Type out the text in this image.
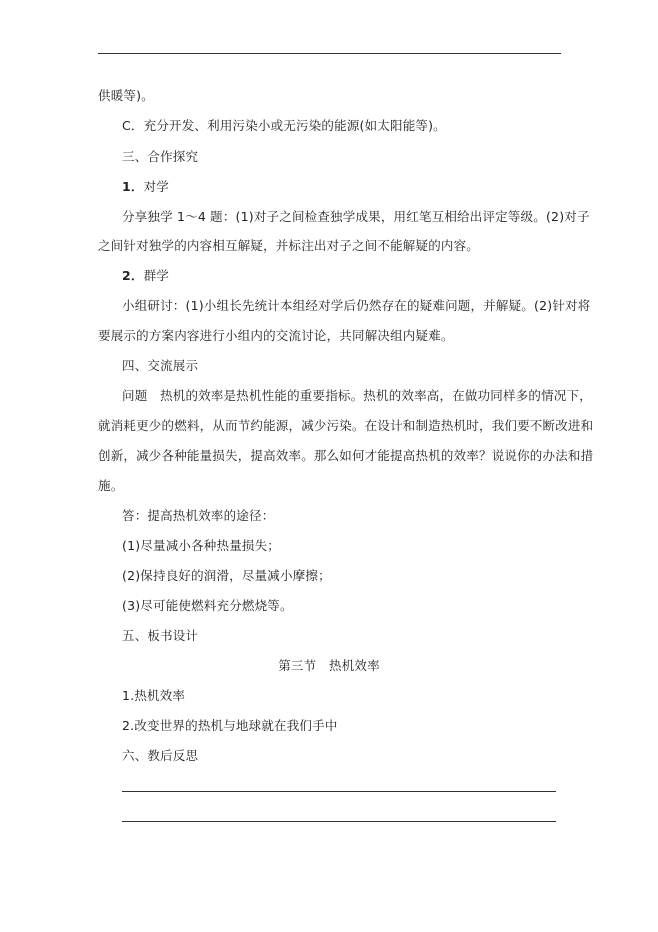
供暖等)。
C．充分开发、利用污染小或无污染的能源(如太阳能等)。
三、合作探究
1．对学
分享独学 1～4 题：(1)对子之间检查独学成果，用红笔互相给出评定等级。(2)对子
之间针对独学的内容相互解疑，并标注出对子之间不能解疑的内容。
2．群学
小组研讨：(1)小组长先统计本组经对学后仍然存在的疑难问题，并解疑。(2)针对将
要展示的方案内容进行小组内的交流讨论，共同解决组内疑难。
四、交流展示
问题　热机的效率是热机性能的重要指标。热机的效率高，在做功同样多的情况下，
就消耗更少的燃料，从而节约能源，减少污染。在设计和制造热机时，我们要不断改进和
创新，减少各种能量损失，提高效率。那么如何才能提高热机的效率？说说你的办法和措
施。
答：提高热机效率的途径：
(1)尽量减小各种热量损失；
(2)保持良好的润滑，尽量减小摩擦；
(3)尽可能使燃料充分燃烧等。
五、板书设计
第三节　热机效率
1.热机效率
2.改变世界的热机与地球就在我们手中
六、教后反思
